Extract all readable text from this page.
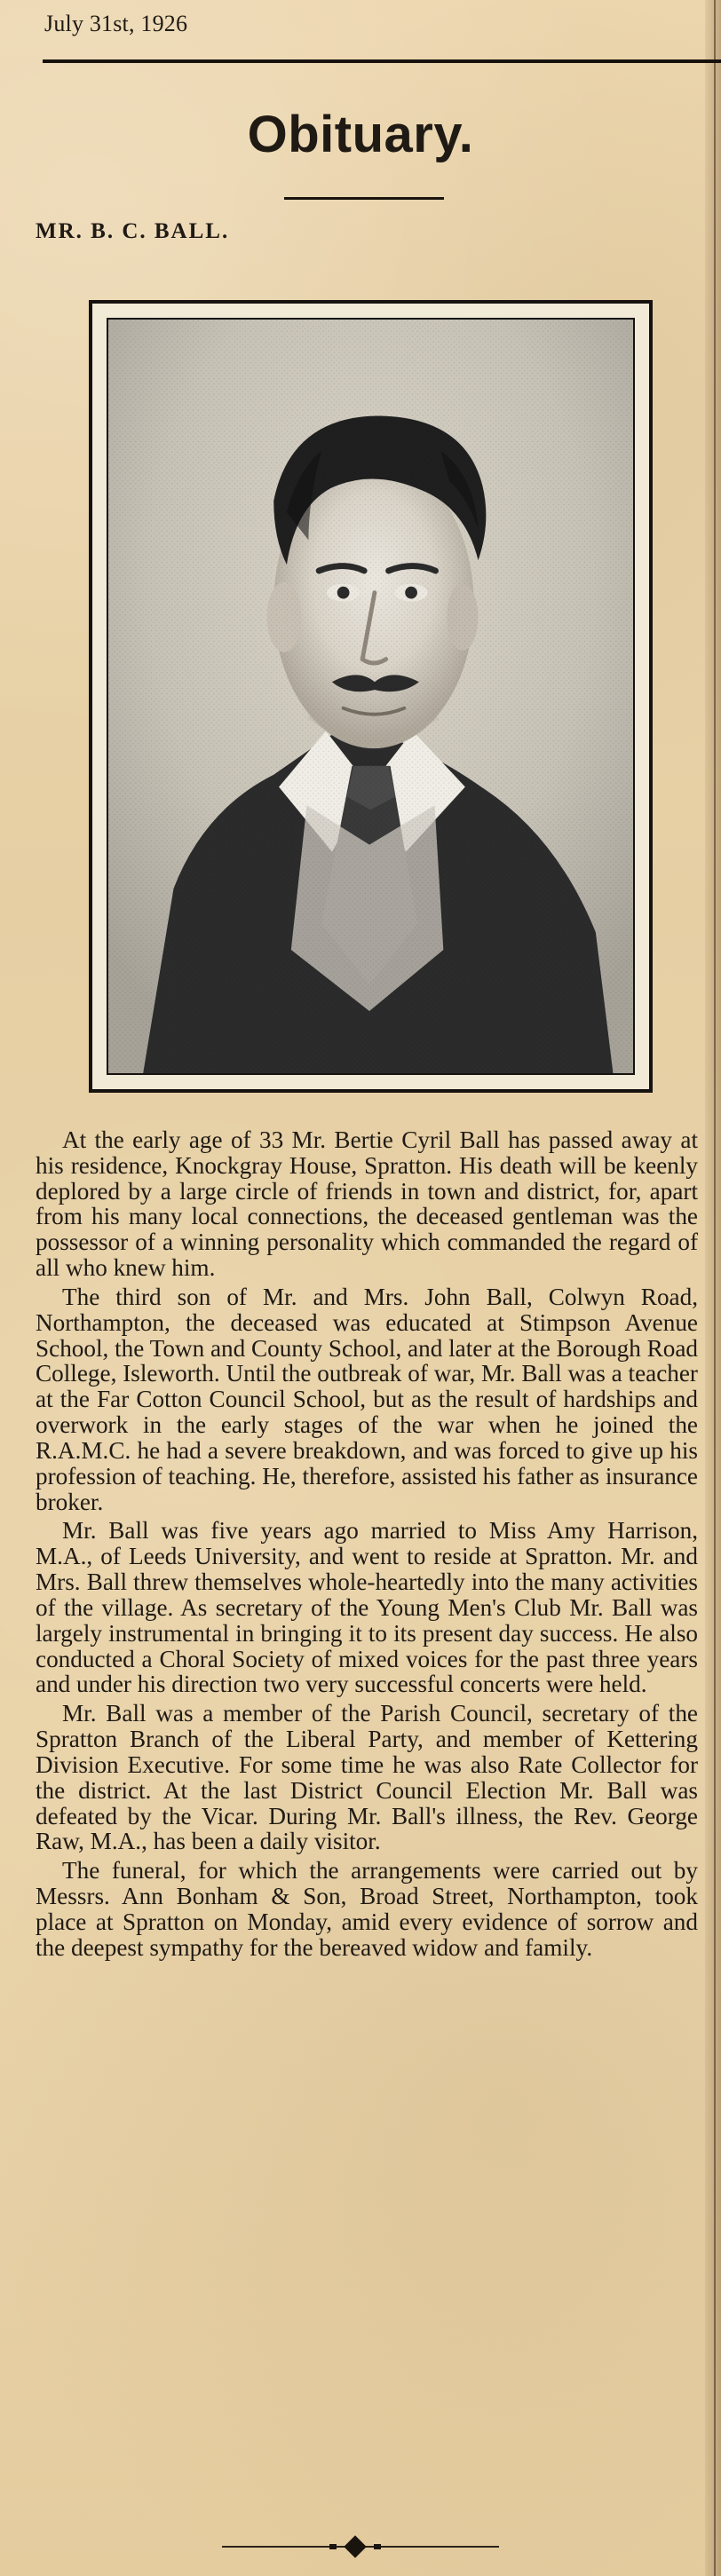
July 31st, 1926
Obituary.
MR. B. C. BALL.

At the early age of 33 Mr. Bertie Cyril Ball has passed away at his residence, Knockgray House, Spratton. His death will be keenly deplored by a large circle of friends in town and district, for, apart from his many local connections, the deceased gentleman was the possessor of a winning personality which commanded the regard of all who knew him.

The third son of Mr. and Mrs. John Ball, Colwyn Road, Northampton, the deceased was educated at Stimpson Avenue School, the Town and County School, and later at the Borough Road College, Isleworth. Until the outbreak of war, Mr. Ball was a teacher at the Far Cotton Council School, but as the result of hardships and overwork in the early stages of the war when he joined the R.A.M.C. he had a severe breakdown, and was forced to give up his profession of teaching. He, therefore, assisted his father as insurance broker.

Mr. Ball was five years ago married to Miss Amy Harrison, M.A., of Leeds University, and went to reside at Spratton. Mr. and Mrs. Ball threw themselves whole-heartedly into the many activities of the village. As secretary of the Young Men's Club Mr. Ball was largely instrumental in bringing it to its present day success. He also conducted a Choral Society of mixed voices for the past three years and under his direction two very successful concerts were held.

Mr. Ball was a member of the Parish Council, secretary of the Spratton Branch of the Liberal Party, and member of Kettering Division Executive. For some time he was also Rate Collector for the district. At the last District Council Election Mr. Ball was defeated by the Vicar. During Mr. Ball's illness, the Rev. George Raw, M.A., has been a daily visitor.

The funeral, for which the arrangements were carried out by Messrs. Ann Bonham & Son, Broad Street, Northampton, took place at Spratton on Monday, amid every evidence of sorrow and the deepest sympathy for the bereaved widow and family.
